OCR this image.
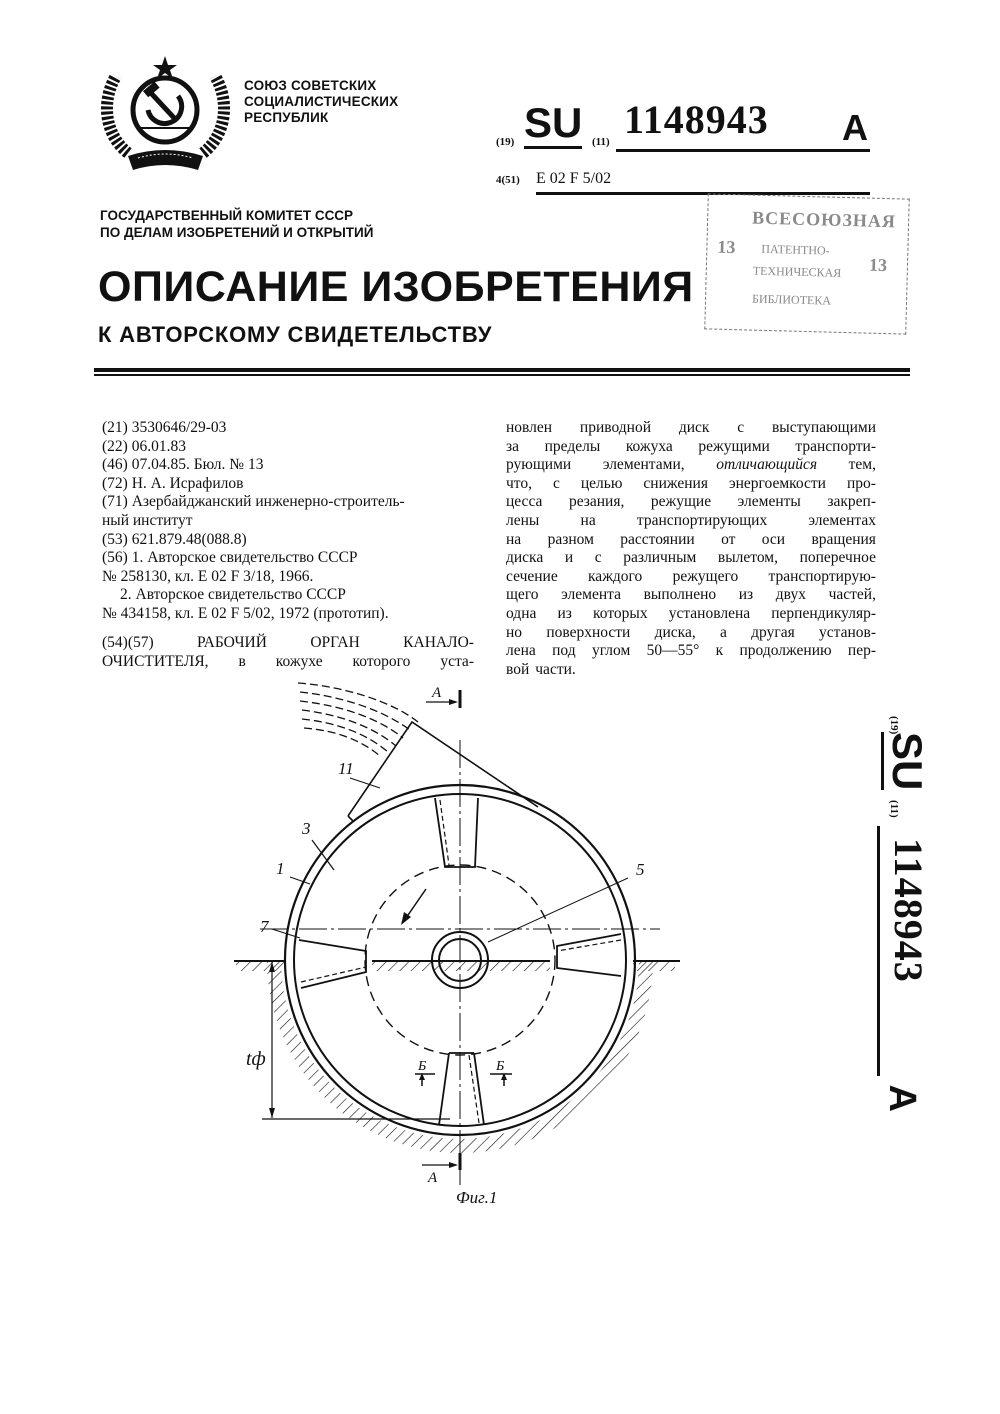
СОЮЗ СОВЕТСКИХ
СОЦИАЛИСТИЧЕСКИХ
РЕСПУБЛИК
(19) SU (11) 1148943 A
4(51) E 02 F 5/02
ГОСУДАРСТВЕННЫЙ КОМИТЕТ СССР
ПО ДЕЛАМ ИЗОБРЕТЕНИЙ И ОТКРЫТИЙ
ВСЕСОЮЗНАЯ
13 ПАТЕНТНО-
ТЕХНИЧЕСКАЯ 13
БИБЛИОТЕКА
ОПИСАНИЕ ИЗОБРЕТЕНИЯ
К АВТОРСКОМУ СВИДЕТЕЛЬСТВУ
(21) 3530646/29-03
(22) 06.01.83
(46) 07.04.85. Бюл. № 13
(72) Н. А. Исрафилов
(71) Азербайджанский инженерно-строитель-
ный институт
(53) 621.879.48(088.8)
(56) 1. Авторское свидетельство СССР
№ 258130, кл. Е 02 F 3/18, 1966.
2. Авторское свидетельство СССР
№ 434158, кл. Е 02 F 5/02, 1972 (прототип).
(54)(57)	РАБОЧИЙ	ОРГАН	КАНАЛО-
ОЧИСТИТЕЛЯ, в кожухе которого уста-
новлен приводной диск с выступающими
за пределы кожуха режущими транспорти-
рующими элементами, отличающийся тем,
что, с целью снижения энергоемкости про-
цесса резания, режущие элементы закреп-
лены	на	транспортирующих	элементах
на разном расстоянии от оси вращения
диска и с различным вылетом, поперечное
сечение каждого режущего транспортирую-
щего элемента выполнено из двух частей,
одна из которых установлена перпендикуляр-
но поверхности диска, а другая установ-
лена под углом 50—55° к продолжению пер-
вой части.
(19)
SU
(11)
1148943
A
11
3
1
7
5
А
А
Б	Б
tф
Фиг.1
